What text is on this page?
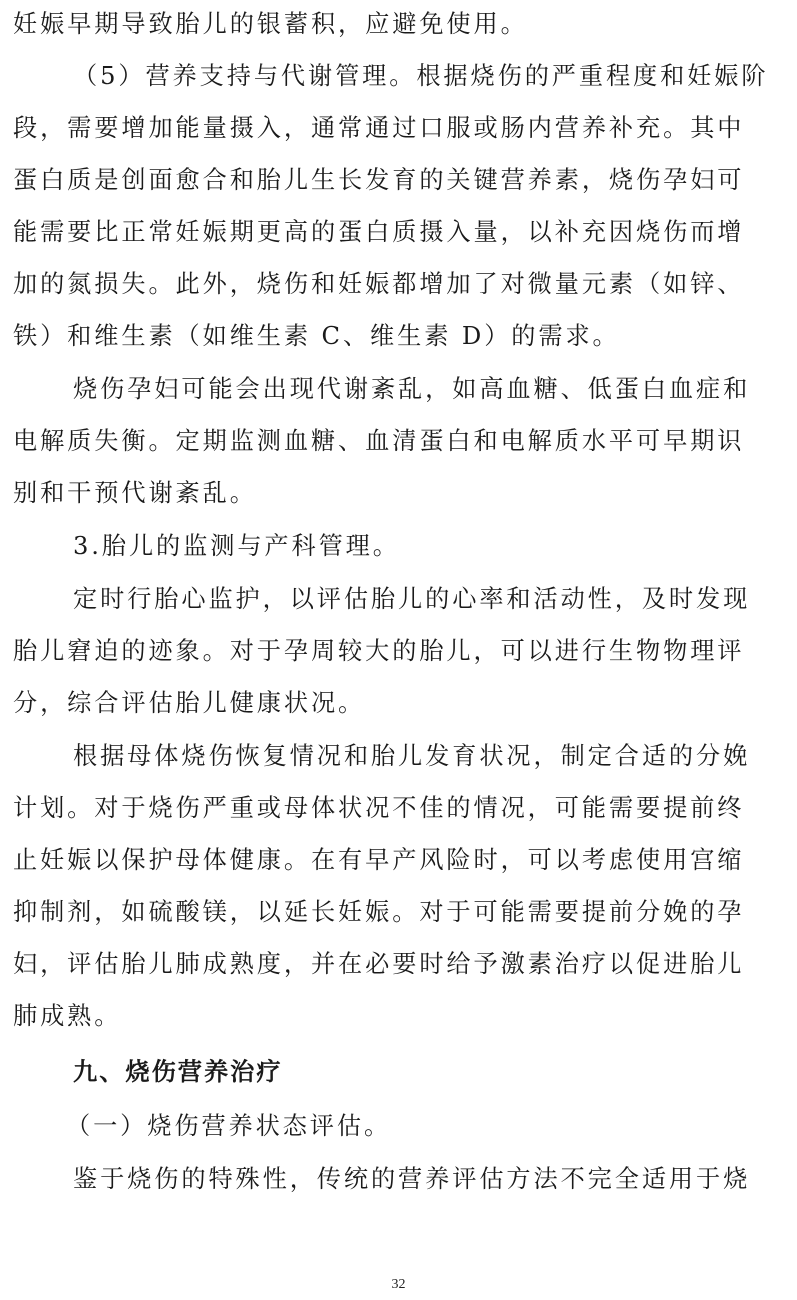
妊娠早期导致胎儿的银蓄积，应避免使用。
（5）营养支持与代谢管理。根据烧伤的严重程度和妊娠阶
段，需要增加能量摄入，通常通过口服或肠内营养补充。其中
蛋白质是创面愈合和胎儿生长发育的关键营养素，烧伤孕妇可
能需要比正常妊娠期更高的蛋白质摄入量，以补充因烧伤而增
加的氮损失。此外，烧伤和妊娠都增加了对微量元素（如锌、
铁）和维生素（如维生素 C、维生素 D）的需求。
烧伤孕妇可能会出现代谢紊乱，如高血糖、低蛋白血症和
电解质失衡。定期监测血糖、血清蛋白和电解质水平可早期识
别和干预代谢紊乱。
3.胎儿的监测与产科管理。
定时行胎心监护，以评估胎儿的心率和活动性，及时发现
胎儿窘迫的迹象。对于孕周较大的胎儿，可以进行生物物理评
分，综合评估胎儿健康状况。
根据母体烧伤恢复情况和胎儿发育状况，制定合适的分娩
计划。对于烧伤严重或母体状况不佳的情况，可能需要提前终
止妊娠以保护母体健康。在有早产风险时，可以考虑使用宫缩
抑制剂，如硫酸镁，以延长妊娠。对于可能需要提前分娩的孕
妇，评估胎儿肺成熟度，并在必要时给予激素治疗以促进胎儿
肺成熟。
九、烧伤营养治疗
（一）烧伤营养状态评估。
鉴于烧伤的特殊性，传统的营养评估方法不完全适用于烧
32
